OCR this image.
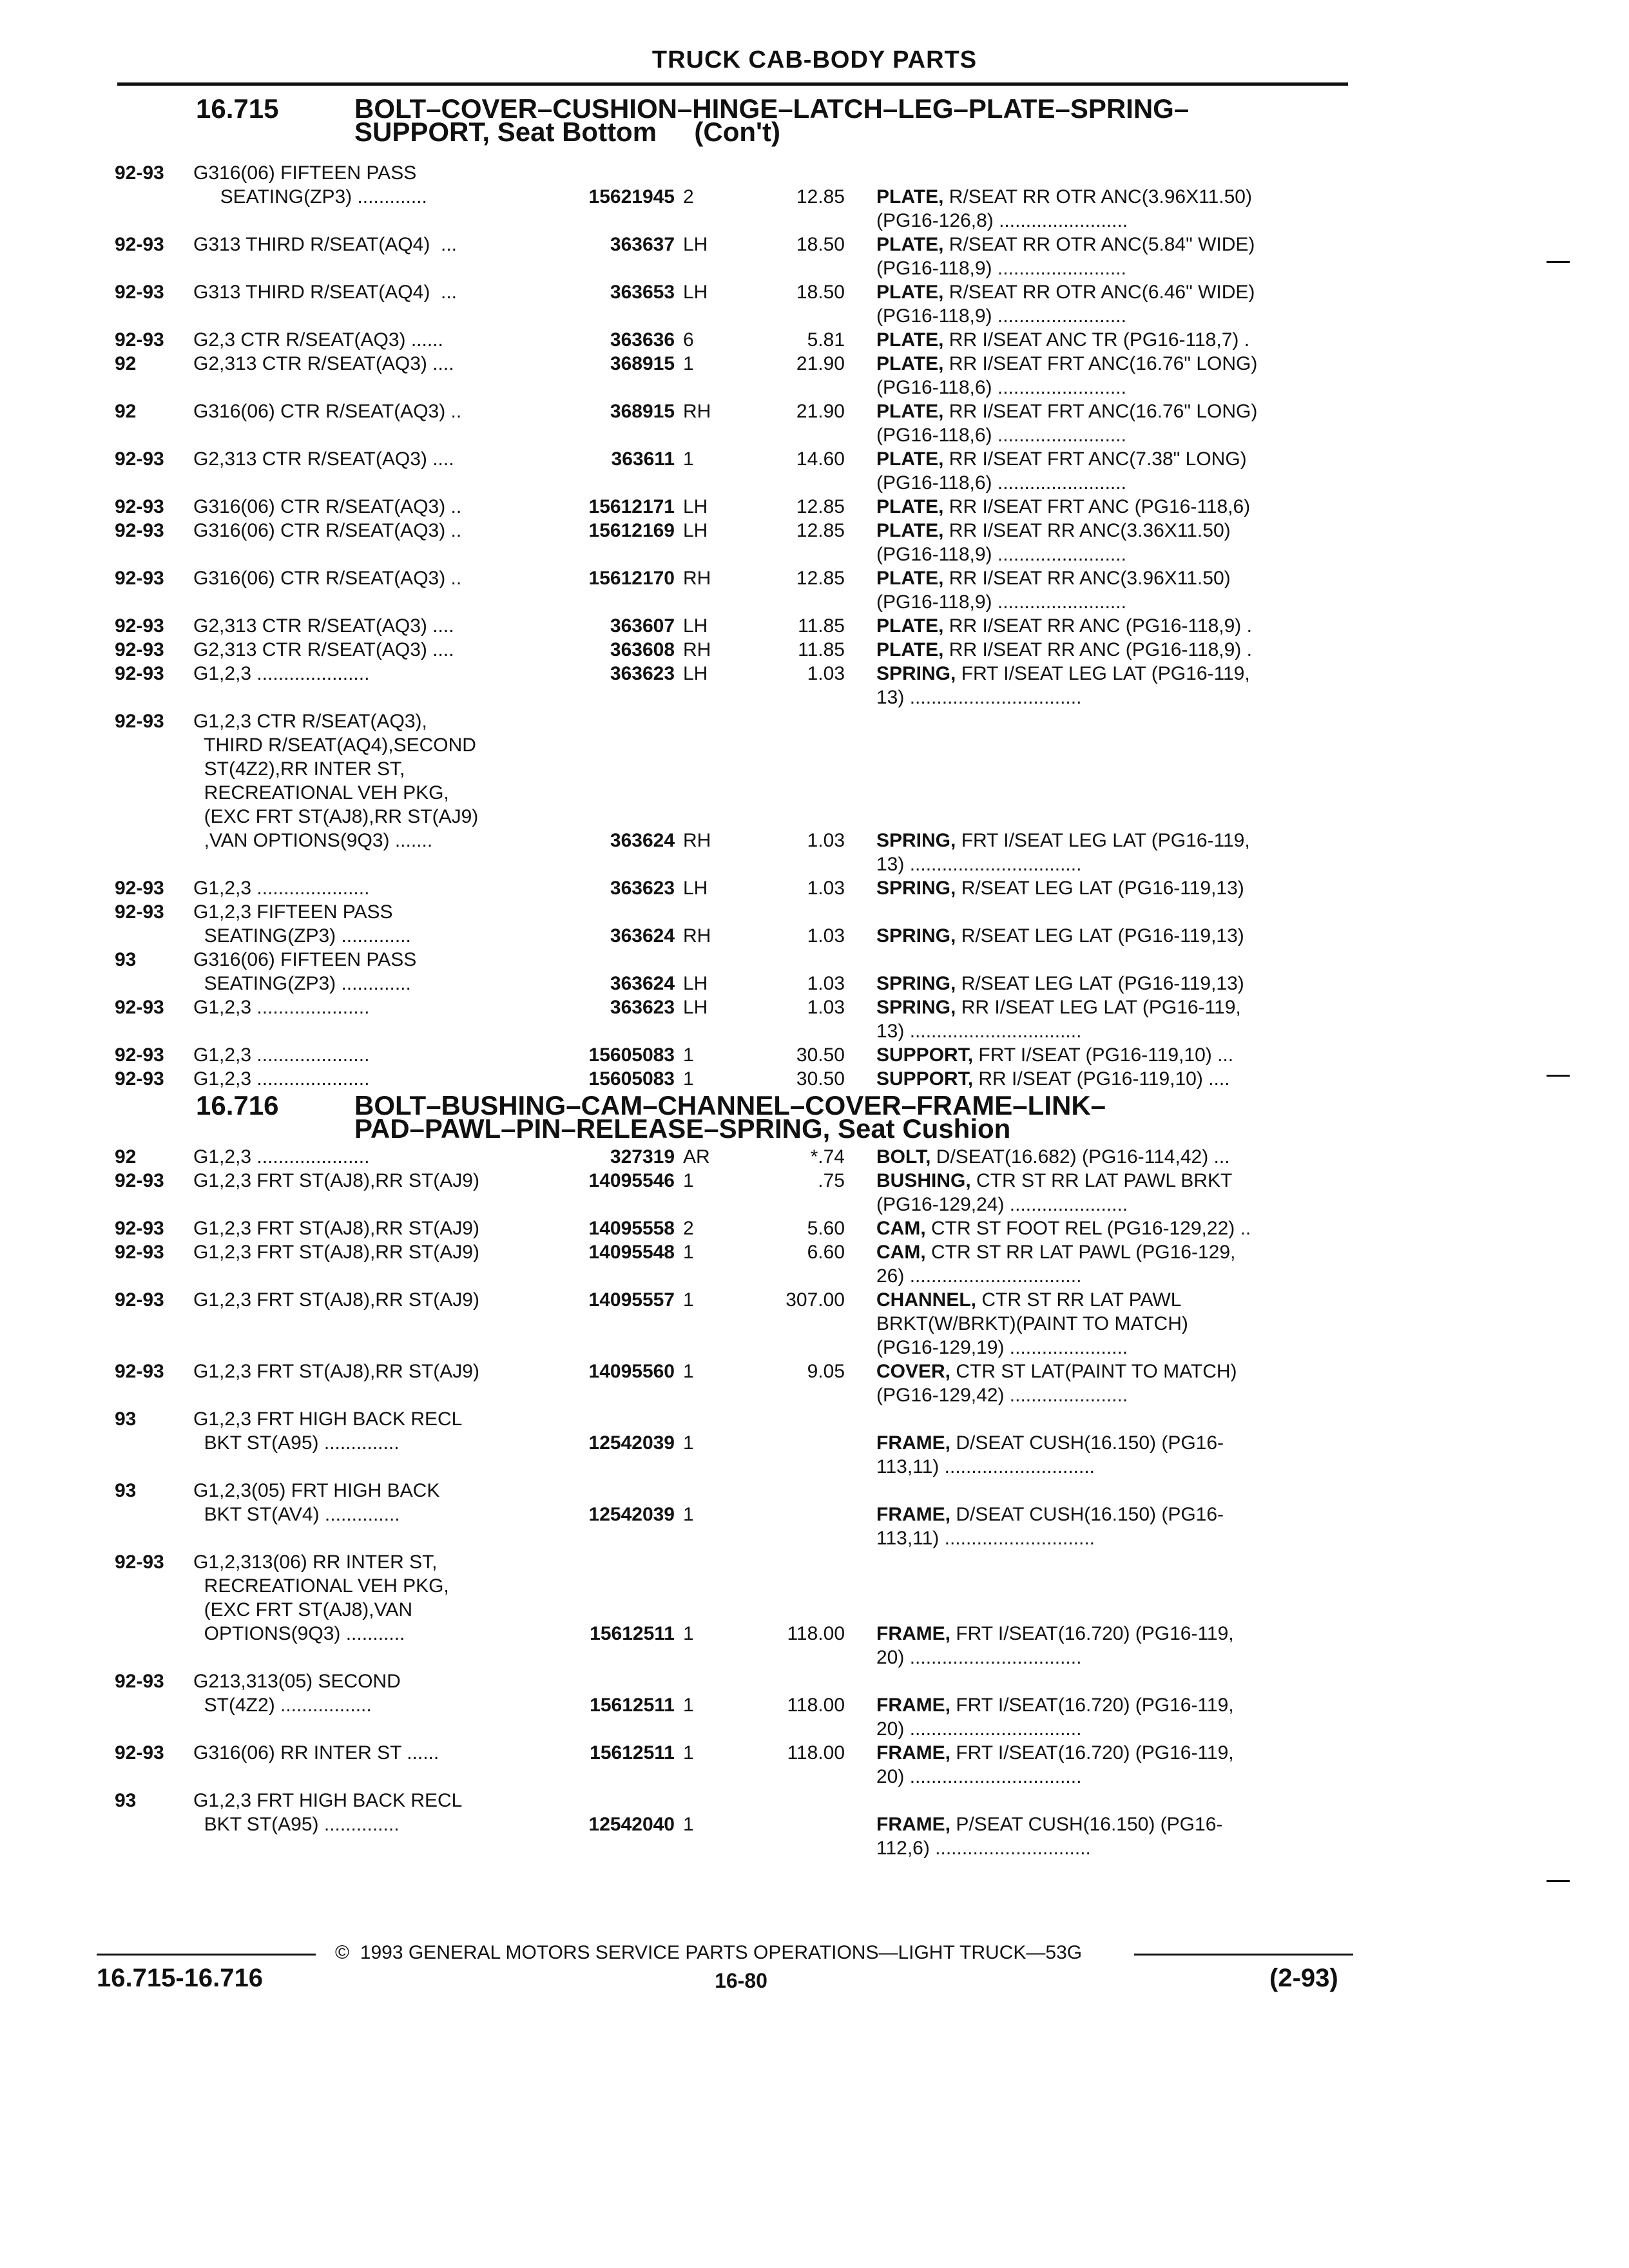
TRUCK CAB-BODY PARTS
16.715	BOLT–COVER–CUSHION–HINGE–LATCH–LEG–PLATE–SPRING–
SUPPORT, Seat Bottom     (Con't)
92-93 G316(06) FIFTEEN PASS
SEATING(ZP3) .............	15621945 2	12.85 PLATE, R/SEAT RR OTR ANC(3.96X11.50)
(PG16-126,8) ........................
92-93 G313 THIRD R/SEAT(AQ4)  ...	363637 LH	18.50 PLATE, R/SEAT RR OTR ANC(5.84" WIDE)
(PG16-118,9) ........................
92-93 G313 THIRD R/SEAT(AQ4)  ...	363653 LH	18.50 PLATE, R/SEAT RR OTR ANC(6.46" WIDE)
(PG16-118,9) ........................
92-93 G2,3 CTR R/SEAT(AQ3) ......	363636 6	5.81 PLATE, RR I/SEAT ANC TR (PG16-118,7) .
92	G2,313 CTR R/SEAT(AQ3) ....	368915 1	21.90 PLATE, RR I/SEAT FRT ANC(16.76" LONG)
(PG16-118,6) ........................
92	G316(06) CTR R/SEAT(AQ3) ..	368915 RH	21.90 PLATE, RR I/SEAT FRT ANC(16.76" LONG)
(PG16-118,6) ........................
92-93 G2,313 CTR R/SEAT(AQ3) ....	363611 1	14.60 PLATE, RR I/SEAT FRT ANC(7.38" LONG)
(PG16-118,6) ........................
92-93 G316(06) CTR R/SEAT(AQ3) ..	15612171 LH	12.85 PLATE, RR I/SEAT FRT ANC (PG16-118,6)
92-93 G316(06) CTR R/SEAT(AQ3) ..	15612169 LH	12.85 PLATE, RR I/SEAT RR ANC(3.36X11.50)
(PG16-118,9) ........................
92-93 G316(06) CTR R/SEAT(AQ3) ..	15612170 RH	12.85 PLATE, RR I/SEAT RR ANC(3.96X11.50)
(PG16-118,9) ........................
92-93 G2,313 CTR R/SEAT(AQ3) ....	363607 LH	11.85 PLATE, RR I/SEAT RR ANC (PG16-118,9) .
92-93 G2,313 CTR R/SEAT(AQ3) ....	363608 RH	11.85 PLATE, RR I/SEAT RR ANC (PG16-118,9) .
92-93 G1,2,3 .....................	363623 LH	1.03 SPRING, FRT I/SEAT LEG LAT (PG16-119,
13) ................................
92-93 G1,2,3 CTR R/SEAT(AQ3),
THIRD R/SEAT(AQ4),SECOND
ST(4Z2),RR INTER ST,
RECREATIONAL VEH PKG,
(EXC FRT ST(AJ8),RR ST(AJ9)
,VAN OPTIONS(9Q3) .......	363624 RH	1.03 SPRING, FRT I/SEAT LEG LAT (PG16-119,
13) ................................
92-93 G1,2,3 .....................	363623 LH	1.03 SPRING, R/SEAT LEG LAT (PG16-119,13)
92-93 G1,2,3 FIFTEEN PASS
SEATING(ZP3) .............	363624 RH	1.03 SPRING, R/SEAT LEG LAT (PG16-119,13)
93	G316(06) FIFTEEN PASS
SEATING(ZP3) .............	363624 LH	1.03 SPRING, R/SEAT LEG LAT (PG16-119,13)
92-93 G1,2,3 .....................	363623 LH	1.03 SPRING, RR I/SEAT LEG LAT (PG16-119,
13) ................................
92-93 G1,2,3 .....................	15605083 1	30.50 SUPPORT, FRT I/SEAT (PG16-119,10) ...
92-93 G1,2,3 .....................	15605083 1	30.50 SUPPORT, RR I/SEAT (PG16-119,10) ....
92	G1,2,3 .....................	327319 AR	*.74 BOLT, D/SEAT(16.682) (PG16-114,42) ...
92-93 G1,2,3 FRT ST(AJ8),RR ST(AJ9)	14095546 1	.75 BUSHING, CTR ST RR LAT PAWL BRKT
(PG16-129,24) ......................
92-93 G1,2,3 FRT ST(AJ8),RR ST(AJ9)	14095558 2	5.60 CAM, CTR ST FOOT REL (PG16-129,22) ..
92-93 G1,2,3 FRT ST(AJ8),RR ST(AJ9)	14095548 1	6.60 CAM, CTR ST RR LAT PAWL (PG16-129,
26) ................................
92-93 G1,2,3 FRT ST(AJ8),RR ST(AJ9)	14095557 1	307.00 CHANNEL, CTR ST RR LAT PAWL
BRKT(W/BRKT)(PAINT TO MATCH)
(PG16-129,19) ......................
92-93 G1,2,3 FRT ST(AJ8),RR ST(AJ9)	14095560 1	9.05 COVER, CTR ST LAT(PAINT TO MATCH)
(PG16-129,42) ......................
93	G1,2,3 FRT HIGH BACK RECL
BKT ST(A95) ..............	12542039 1	FRAME, D/SEAT CUSH(16.150) (PG16-
113,11) ............................
93	G1,2,3(05) FRT HIGH BACK
BKT ST(AV4) ..............	12542039 1	FRAME, D/SEAT CUSH(16.150) (PG16-
113,11) ............................
92-93 G1,2,313(06) RR INTER ST,
RECREATIONAL VEH PKG,
(EXC FRT ST(AJ8),VAN
OPTIONS(9Q3) ...........	15612511 1	118.00 FRAME, FRT I/SEAT(16.720) (PG16-119,
20) ................................
92-93 G213,313(05) SECOND
ST(4Z2) .................	15612511 1	118.00 FRAME, FRT I/SEAT(16.720) (PG16-119,
20) ................................
92-93 G316(06) RR INTER ST ......	15612511 1	118.00 FRAME, FRT I/SEAT(16.720) (PG16-119,
20) ................................
93	G1,2,3 FRT HIGH BACK RECL
BKT ST(A95) ..............	12542040 1	FRAME, P/SEAT CUSH(16.150) (PG16-
112,6) .............................
16.716	BOLT–BUSHING–CAM–CHANNEL–COVER–FRAME–LINK–
PAD–PAWL–PIN–RELEASE–SPRING, Seat Cushion
©  1993 GENERAL MOTORS SERVICE PARTS OPERATIONS—LIGHT TRUCK—53G
16.715-16.716	16-80	(2-93)
